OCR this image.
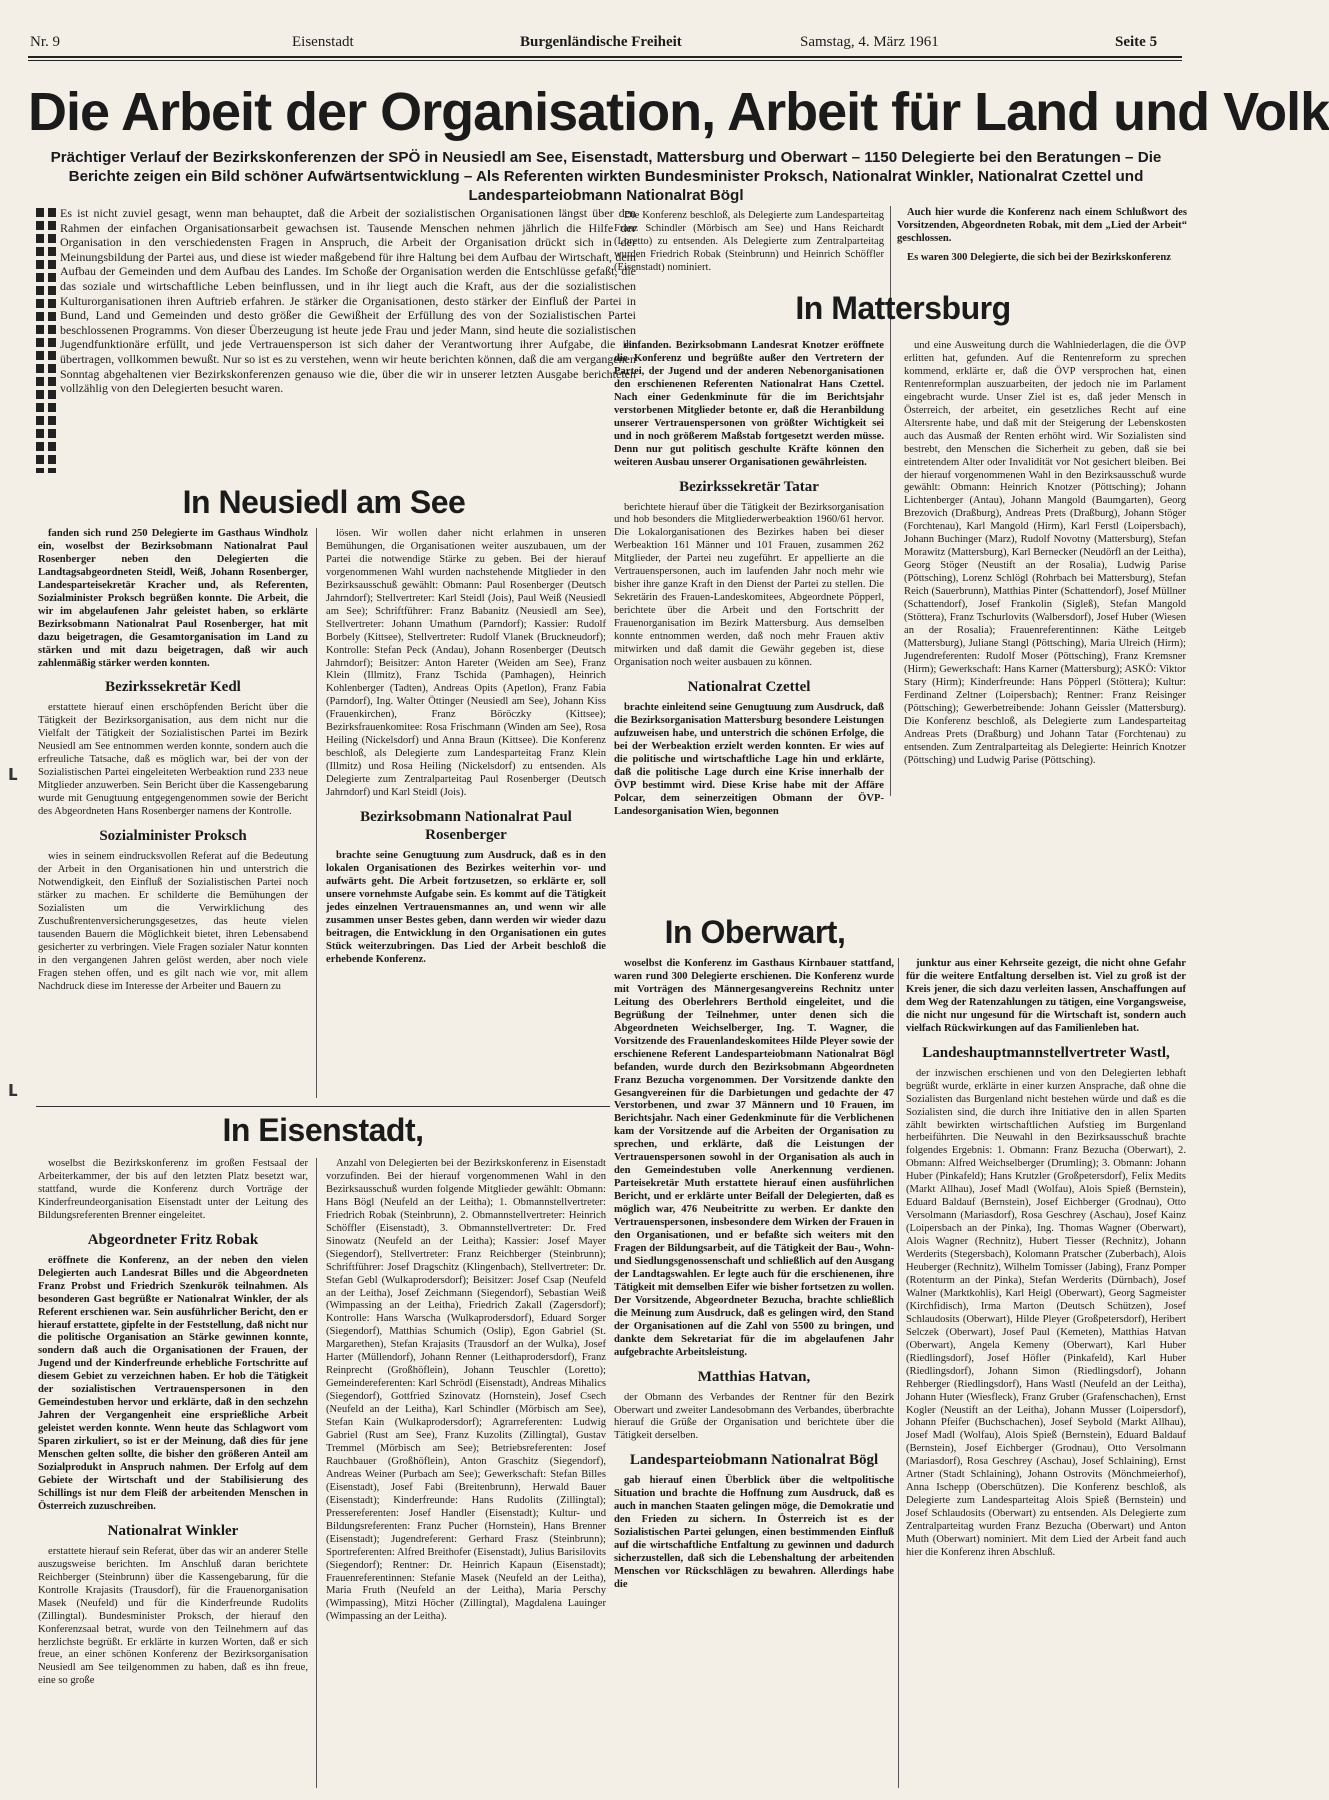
Nr. 9	Eisenstadt	Burgenländische Freiheit	Samstag, 4. März 1961	Seite 5
Die Arbeit der Organisation, Arbeit für Land und Volk
Prächtiger Verlauf der Bezirkskonferenzen der SPÖ in Neusiedl am See, Eisenstadt, Mattersburg und Oberwart – 1150 Delegierte bei den Beratungen – Die Berichte zeigen ein Bild schöner Aufwärtsentwicklung – Als Referenten wirkten Bundesminister Proksch, Nationalrat Winkler, Nationalrat Czettel und Landesparteiobmann Nationalrat Bögl
Es ist nicht zuviel gesagt, wenn man behauptet, daß die Arbeit der sozialistischen Organisationen längst über den Rahmen der einfachen Organisationsarbeit gewachsen ist. Tausende Menschen nehmen jährlich die Hilfe der Organisation in den verschiedensten Fragen in Anspruch, die Arbeit der Organisation drückt sich in der Meinungsbildung der Partei aus, und diese ist wieder maßgebend für ihre Haltung bei dem Aufbau der Wirtschaft, dem Aufbau der Gemeinden und dem Aufbau des Landes. Im Schoße der Organisation werden die Entschlüsse gefaßt, die das soziale und wirtschaftliche Leben beinflussen, und in ihr liegt auch die Kraft, aus der die sozialistischen Kulturorganisationen ihren Auftrieb erfahren. Je stärker die Organisationen, desto stärker der Einfluß der Partei in Bund, Land und Gemeinden und desto größer die Gewißheit der Erfüllung des von der Sozialistischen Partei beschlossenen Programms. Von dieser Überzeugung ist heute jede Frau und jeder Mann, sind heute die sozialistischen Jugendfunktionäre erfüllt, und jede Vertrauensperson ist sich daher der Verantwortung ihrer Aufgabe, die ihr übertragen, vollkommen bewußt. Nur so ist es zu verstehen, wenn wir heute berichten können, daß die am vergangenen Sonntag abgehaltenen vier Bezirkskonferenzen genauso wie die, über die wir in unserer letzten Ausgabe berichteten vollzählig von den Delegierten besucht waren.

Die Konferenz beschloß, als Delegierte zum Landesparteitag Franz Schindler (Mörbisch am See) und Hans Reichardt (Loretto) zu entsenden. Als Delegierte zum Zentralparteitag wurden Friedrich Robak (Steinbrunn) und Heinrich Schöffler (Eisenstadt) nominiert.

Auch hier wurde die Konferenz nach einem Schlußwort des Vorsitzenden, Abgeordneten Robak, mit dem „Lied der Arbeit“ geschlossen.

Es waren 300 Delegierte, die sich bei der Bezirkskonferenz

In Mattersburg

einfanden. Bezirksobmann Landesrat Knotzer eröffnete die Konferenz und begrüßte außer den Vertretern der Partei, der Jugend und der anderen Nebenorganisationen den erschienenen Referenten Nationalrat Hans Czettel. Nach einer Gedenkminute für die im Berichtsjahr verstorbenen Mitglieder betonte er, daß die Heranbildung unserer Vertrauenspersonen von größter Wichtigkeit sei und in noch größerem Maßstab fortgesetzt werden müsse. Denn nur gut politisch geschulte Kräfte können den weiteren Ausbau unserer Organisationen gewährleisten.

Bezirkssekretär Tatar

berichtete hierauf über die Tätigkeit der Bezirksorganisation und hob besonders die Mitgliederwerbeaktion 1960/61 hervor. Die Lokalorganisationen des Bezirkes haben bei dieser Werbeaktion 161 Männer und 101 Frauen, zusammen 262 Mitglieder, der Partei neu zugeführt. Er appellierte an die Vertrauenspersonen, auch im laufenden Jahr noch mehr wie bisher ihre ganze Kraft in den Dienst der Partei zu stellen. Die Sekretärin des Frauen-Landeskomitees, Abgeordnete Pöpperl, berichtete über die Arbeit und den Fortschritt der Frauenorganisation im Bezirk Mattersburg. Aus demselben konnte entnommen werden, daß noch mehr Frauen aktiv mitwirken und daß damit die Gewähr gegeben ist, diese Organisation noch weiter ausbauen zu können.

Nationalrat Czettel

brachte einleitend seine Genugtuung zum Ausdruck, daß die Bezirksorganisation Mattersburg besondere Leistungen aufzuweisen habe, und unterstrich die schönen Erfolge, die bei der Werbeaktion erzielt werden konnten. Er wies auf die politische und wirtschaftliche Lage hin und erklärte, daß die politische Lage durch eine Krise innerhalb der ÖVP bestimmt wird. Diese Krise habe mit der Affäre Polcar, dem seinerzeitigen Obmann der ÖVP-Landesorganisation Wien, begonnen

und eine Ausweitung durch die Wahlniederlagen, die die ÖVP erlitten hat, gefunden. Auf die Rentenreform zu sprechen kommend, erklärte er, daß die ÖVP versprochen hat, einen Rentenreformplan auszuarbeiten, der jedoch nie im Parlament eingebracht wurde. Unser Ziel ist es, daß jeder Mensch in Österreich, der arbeitet, ein gesetzliches Recht auf eine Altersrente habe, und daß mit der Steigerung der Lebenskosten auch das Ausmaß der Renten erhöht wird. Wir Sozialisten sind bestrebt, den Menschen die Sicherheit zu geben, daß sie bei eintretendem Alter oder Invalidität vor Not gesichert bleiben. Bei der hierauf vorgenommenen Wahl in den Bezirksausschuß wurde gewählt: Obmann: Heinrich Knotzer (Pöttsching); Johann Lichtenberger (Antau), Johann Mangold (Baumgarten), Georg Brezovich (Draßburg), Andreas Prets (Draßburg), Johann Stöger (Forchtenau), Karl Mangold (Hirm), Karl Ferstl (Loipersbach), Johann Buchinger (Marz), Rudolf Novotny (Mattersburg), Stefan Morawitz (Mattersburg), Karl Bernecker (Neudörfl an der Leitha), Georg Stöger (Neustift an der Rosalia), Ludwig Parise (Pöttsching), Lorenz Schlögl (Rohrbach bei Mattersburg), Stefan Reich (Sauerbrunn), Matthias Pinter (Schattendorf), Josef Müllner (Schattendorf), Josef Frankolin (Sigleß), Stefan Mangold (Stöttera), Franz Tschurlovits (Walbersdorf), Josef Huber (Wiesen an der Rosalia); Frauenreferentinnen: Käthe Leitgeb (Mattersburg), Juliane Stangl (Pöttsching), Maria Ulreich (Hirm); Jugendreferenten: Rudolf Moser (Pöttsching), Franz Kremsner (Hirm); Gewerkschaft: Hans Karner (Mattersburg); ASKÖ: Viktor Stary (Hirm); Kinderfreunde: Hans Pöpperl (Stöttera); Kultur: Ferdinand Zeltner (Loipersbach); Rentner: Franz Reisinger (Pöttsching); Gewerbetreibende: Johann Geissler (Mattersburg). Die Konferenz beschloß, als Delegierte zum Landesparteitag Andreas Prets (Draßburg) und Johann Tatar (Forchtenau) zu entsenden. Zum Zentralparteitag als Delegierte: Heinrich Knotzer (Pöttsching) und Ludwig Parise (Pöttsching).

In Neusiedl am See

fanden sich rund 250 Delegierte im Gasthaus Windholz ein, woselbst der Bezirksobmann Nationalrat Paul Rosenberger neben den Delegierten die Landtagsabgeordneten Steidl, Weiß, Johann Rosenberger, Landesparteisekretär Kracher und, als Referenten, Sozialminister Proksch begrüßen konnte. Die Arbeit, die wir im abgelaufenen Jahr geleistet haben, so erklärte Bezirksobmann Nationalrat Paul Rosenberger, hat mit dazu beigetragen, die Gesamtorganisation im Land zu stärken und mit dazu beigetragen, daß wir auch zahlenmäßig stärker werden konnten.

Bezirkssekretär Kedl

erstattete hierauf einen erschöpfenden Bericht über die Tätigkeit der Bezirksorganisation, aus dem nicht nur die Vielfalt der Tätigkeit der Sozialistischen Partei im Bezirk Neusiedl am See entnommen werden konnte, sondern auch die erfreuliche Tatsache, daß es möglich war, bei der von der Sozialistischen Partei eingeleiteten Werbeaktion rund 233 neue Mitglieder anzuwerben. Sein Bericht über die Kassengebarung wurde mit Genugtuung entgegengenommen sowie der Bericht des Abgeordneten Hans Rosenberger namens der Kontrolle.

Sozialminister Proksch

wies in seinem eindrucksvollen Referat auf die Bedeutung der Arbeit in den Organisationen hin und unterstrich die Notwendigkeit, den Einfluß der Sozialistischen Partei noch stärker zu machen. Er schilderte die Bemühungen der Sozialisten um die Verwirklichung des Zuschußrentenversicherungsgesetzes, das heute vielen tausenden Bauern die Möglichkeit bietet, ihren Lebensabend gesicherter zu verbringen. Viele Fragen sozialer Natur konnten in den vergangenen Jahren gelöst werden, aber noch viele Fragen stehen offen, und es gilt nach wie vor, mit allem Nachdruck diese im Interesse der Arbeiter und Bauern zu

lösen. Wir wollen daher nicht erlahmen in unseren Bemühungen, die Organisationen weiter auszubauen, um der Partei die notwendige Stärke zu geben. Bei der hierauf vorgenommenen Wahl wurden nachstehende Mitglieder in den Bezirksausschuß gewählt: Obmann: Paul Rosenberger (Deutsch Jahrndorf); Stellvertreter: Karl Steidl (Jois), Paul Weiß (Neusiedl am See); Schriftführer: Franz Babanitz (Neusiedl am See), Stellvertreter: Johann Umathum (Parndorf); Kassier: Rudolf Borbely (Kittsee), Stellvertreter: Rudolf Vlanek (Bruckneudorf); Kontrolle: Stefan Peck (Andau), Johann Rosenberger (Deutsch Jahrndorf); Beisitzer: Anton Hareter (Weiden am See), Franz Klein (Illmitz), Franz Tschida (Pamhagen), Heinrich Kohlenberger (Tadten), Andreas Opits (Apetlon), Franz Fabia (Parndorf), Ing. Walter Öttinger (Neusiedl am See), Johann Kiss (Frauenkirchen), Franz Böröczky (Kittsee); Bezirksfrauenkomitee: Rosa Frischmann (Winden am See), Rosa Heiling (Nickelsdorf) und Anna Braun (Kittsee). Die Konferenz beschloß, als Delegierte zum Landesparteitag Franz Klein (Illmitz) und Rosa Heiling (Nickelsdorf) zu entsenden. Als Delegierte zum Zentralparteitag Paul Rosenberger (Deutsch Jahrndorf) und Karl Steidl (Jois).

Bezirksobmann Nationalrat Paul Rosenberger

brachte seine Genugtuung zum Ausdruck, daß es in den lokalen Organisationen des Bezirkes weiterhin vor- und aufwärts geht. Die Arbeit fortzusetzen, so erklärte er, soll unsere vornehmste Aufgabe sein. Es kommt auf die Tätigkeit jedes einzelnen Vertrauensmannes an, und wenn wir alle zusammen unser Bestes geben, dann werden wir wieder dazu beitragen, die Entwicklung in den Organisationen ein gutes Stück weiterzubringen. Das Lied der Arbeit beschloß die erhebende Konferenz.

In Oberwart,
In Eisenstadt,

woselbst die Bezirkskonferenz im großen Festsaal der Arbeiterkammer, der bis auf den letzten Platz besetzt war, stattfand, wurde die Konferenz durch Vorträge der Kinderfreundeorganisation Eisenstadt unter der Leitung des Bildungsreferenten Brenner eingeleitet.

Abgeordneter Fritz Robak

eröffnete die Konferenz, an der neben den vielen Delegierten auch Landesrat Billes und die Abgeordneten Franz Probst und Friedrich Szenkurök teilnahmen. Als besonderen Gast begrüßte er Nationalrat Winkler, der als Referent erschienen war. Sein ausführlicher Bericht, den er hierauf erstattete, gipfelte in der Feststellung, daß nicht nur die politische Organisation an Stärke gewinnen konnte, sondern daß auch die Organisationen der Frauen, der Jugend und der Kinderfreunde erhebliche Fortschritte auf diesem Gebiet zu verzeichnen haben. Er hob die Tätigkeit der sozialistischen Vertrauenspersonen in den Gemeindestuben hervor und erklärte, daß in den sechzehn Jahren der Vergangenheit eine ersprießliche Arbeit geleistet werden konnte. Wenn heute das Schlagwort vom Sparen zirkuliert, so ist er der Meinung, daß dies für jene Menschen gelten sollte, die bisher den größeren Anteil am Sozialprodukt in Anspruch nahmen. Der Erfolg auf dem Gebiete der Wirtschaft und der Stabilisierung des Schillings ist nur dem Fleiß der arbeitenden Menschen in Österreich zuzuschreiben.

Nationalrat Winkler

erstattete hierauf sein Referat, über das wir an anderer Stelle auszugsweise berichten. Im Anschluß daran berichtete Reichberger (Steinbrunn) über die Kassengebarung, für die Kontrolle Krajasits (Trausdorf), für die Frauenorganisation Masek (Neufeld) und für die Kinderfreunde Rudolits (Zillingtal). Bundesminister Proksch, der hierauf den Konferenzsaal betrat, wurde von den Teilnehmern auf das herzlichste begrüßt. Er erklärte in kurzen Worten, daß er sich freue, an einer schönen Konferenz der Bezirksorganisation Neusiedl am See teilgenommen zu haben, daß es ihn freue, eine so große

Anzahl von Delegierten bei der Bezirkskonferenz in Eisenstadt vorzufinden. Bei der hierauf vorgenommenen Wahl in den Bezirksausschuß wurden folgende Mitglieder gewählt: Obmann: Hans Bögl (Neufeld an der Leitha); 1. Obmannstellvertreter: Friedrich Robak (Steinbrunn), 2. Obmannstellvertreter: Heinrich Schöffler (Eisenstadt), 3. Obmannstellvertreter: Dr. Fred Sinowatz (Neufeld an der Leitha); Kassier: Josef Mayer (Siegendorf), Stellvertreter: Franz Reichberger (Steinbrunn); Schriftführer: Josef Dragschitz (Klingenbach), Stellvertreter: Dr. Stefan Gebl (Wulkaprodersdorf); Beisitzer: Josef Csap (Neufeld an der Leitha), Josef Zeichmann (Siegendorf), Sebastian Weiß (Wimpassing an der Leitha), Friedrich Zakall (Zagersdorf); Kontrolle: Hans Warscha (Wulkaprodersdorf), Eduard Sorger (Siegendorf), Matthias Schumich (Oslip), Egon Gabriel (St. Margarethen), Stefan Krajasits (Trausdorf an der Wulka), Josef Harter (Müllendorf), Johann Renner (Leithaprodersdorf), Franz Reinprecht (Großhöflein), Johann Teuschler (Loretto); Gemeindereferenten: Karl Schrödl (Eisenstadt), Andreas Mihalics (Siegendorf), Gottfried Szinovatz (Hornstein), Josef Csech (Neufeld an der Leitha), Karl Schindler (Mörbisch am See), Stefan Kain (Wulkaprodersdorf); Agrarreferenten: Ludwig Gabriel (Rust am See), Franz Kuzolits (Zillingtal), Gustav Tremmel (Mörbisch am See); Betriebsreferenten: Josef Rauchbauer (Großhöflein), Anton Graschitz (Siegendorf), Andreas Weiner (Purbach am See); Gewerkschaft: Stefan Billes (Eisenstadt), Josef Fabi (Breitenbrunn), Herwald Bauer (Eisenstadt); Kinderfreunde: Hans Rudolits (Zillingtal); Pressereferenten: Josef Handler (Eisenstadt); Kultur- und Bildungsreferenten: Franz Pucher (Hornstein), Hans Brenner (Eisenstadt); Jugendreferent: Gerhard Frasz (Steinbrunn); Sportreferenten: Alfred Breithofer (Eisenstadt), Julius Barisilovits (Siegendorf); Rentner: Dr. Heinrich Kapaun (Eisenstadt); Frauenreferentinnen: Stefanie Masek (Neufeld an der Leitha), Maria Fruth (Neufeld an der Leitha), Maria Perschy (Wimpassing), Mitzi Höcher (Zillingtal), Magdalena Lauinger (Wimpassing an der Leitha).

woselbst die Konferenz im Gasthaus Kirnbauer stattfand, waren rund 300 Delegierte erschienen. Die Konferenz wurde mit Vorträgen des Männergesangvereins Rechnitz unter Leitung des Oberlehrers Berthold eingeleitet, und die Begrüßung der Teilnehmer, unter denen sich die Abgeordneten Weichselberger, Ing. T. Wagner, die Vorsitzende des Frauenlandeskomitees Hilde Pleyer sowie der erschienene Referent Landesparteiobmann Nationalrat Bögl befanden, wurde durch den Bezirksobmann Abgeordneten Franz Bezucha vorgenommen. Der Vorsitzende dankte den Gesangvereinen für die Darbietungen und gedachte der 47 Verstorbenen, und zwar 37 Männern und 10 Frauen, im Berichtsjahr. Nach einer Gedenkminute für die Verblichenen kam der Vorsitzende auf die Arbeiten der Organisation zu sprechen, und erklärte, daß die Leistungen der Vertrauenspersonen sowohl in der Organisation als auch in den Gemeindestuben volle Anerkennung verdienen. Parteisekretär Muth erstattete hierauf einen ausführlichen Bericht, und er erklärte unter Beifall der Delegierten, daß es möglich war, 476 Neubeitritte zu werben. Er dankte den Vertrauenspersonen, insbesondere dem Wirken der Frauen in den Organisationen, und er befaßte sich weiters mit den Fragen der Bildungsarbeit, auf die Tätigkeit der Bau-, Wohn- und Siedlungsgenossenschaft und schließlich auf den Ausgang der Landtagswahlen. Er legte auch für die erschienenen, ihre Tätigkeit mit demselben Eifer wie bisher fortsetzen zu wollen. Der Vorsitzende, Abgeordneter Bezucha, brachte schließlich die Meinung zum Ausdruck, daß es gelingen wird, den Stand der Organisationen auf die Zahl von 5500 zu bringen, und dankte dem Sekretariat für die im abgelaufenen Jahr aufgebrachte Arbeitsleistung.

Matthias Hatvan,

der Obmann des Verbandes der Rentner für den Bezirk Oberwart und zweiter Landesobmann des Verbandes, überbrachte hierauf die Grüße der Organisation und berichtete über die Tätigkeit derselben.

Landesparteiobmann Nationalrat Bögl

gab hierauf einen Überblick über die weltpolitische Situation und brachte die Hoffnung zum Ausdruck, daß es auch in manchen Staaten gelingen möge, die Demokratie und den Frieden zu sichern. In Österreich ist es der Sozialistischen Partei gelungen, einen bestimmenden Einfluß auf die wirtschaftliche Entfaltung zu gewinnen und dadurch sicherzustellen, daß sich die Lebenshaltung der arbeitenden Menschen vor Rückschlägen zu bewahren. Allerdings habe die

junktur aus einer Kehrseite gezeigt, die nicht ohne Gefahr für die weitere Entfaltung derselben ist. Viel zu groß ist der Kreis jener, die sich dazu verleiten lassen, Anschaffungen auf dem Weg der Ratenzahlungen zu tätigen, eine Vorgangsweise, die nicht nur ungesund für die Wirtschaft ist, sondern auch vielfach Rückwirkungen auf das Familienleben hat.

Landeshauptmannstellvertreter Wastl,

der inzwischen erschienen und von den Delegierten lebhaft begrüßt wurde, erklärte in einer kurzen Ansprache, daß ohne die Sozialisten das Burgenland nicht bestehen würde und daß es die Sozialisten sind, die durch ihre Initiative den in allen Sparten zählt bewirkten wirtschaftlichen Aufstieg im Burgenland herbeiführten. Die Neuwahl in den Bezirksausschuß brachte folgendes Ergebnis: 1. Obmann: Franz Bezucha (Oberwart), 2. Obmann: Alfred Weichselberger (Drumling); 3. Obmann: Johann Huber (Pinkafeld); Hans Krutzler (Großpetersdorf), Felix Medits (Markt Allhau), Josef Madl (Wolfau), Alois Spieß (Bernstein), Eduard Baldauf (Bernstein), Josef Eichberger (Grodnau), Otto Versolmann (Mariasdorf), Rosa Geschrey (Aschau), Josef Kainz (Loipersbach an der Pinka), Ing. Thomas Wagner (Oberwart), Alois Wagner (Rechnitz), Hubert Tiesser (Rechnitz), Johann Werderits (Stegersbach), Kolomann Pratscher (Zuberbach), Alois Heuberger (Rechnitz), Wilhelm Tomisser (Jabing), Franz Pomper (Rotenturm an der Pinka), Stefan Werderits (Dürnbach), Josef Walner (Marktkohlis), Karl Heigl (Oberwart), Georg Sagmeister (Kirchfidisch), Irma Marton (Deutsch Schützen), Josef Schlaudosits (Oberwart), Hilde Pleyer (Großpetersdorf), Heribert Selczek (Oberwart), Josef Paul (Kemeten), Matthias Hatvan (Oberwart), Angela Kemeny (Oberwart), Karl Huber (Riedlingsdorf), Josef Höfler (Pinkafeld), Karl Huber (Riedlingsdorf), Johann Simon (Riedlingsdorf), Johann Rehberger (Riedlingsdorf), Hans Wastl (Neufeld an der Leitha), Johann Huter (Wiesfleck), Franz Gruber (Grafenschachen), Ernst Kogler (Neustift an der Leitha), Johann Musser (Loipersdorf), Johann Pfeifer (Buchschachen), Josef Seybold (Markt Allhau), Josef Madl (Wolfau), Alois Spieß (Bernstein), Eduard Baldauf (Bernstein), Josef Eichberger (Grodnau), Otto Versolmann (Mariasdorf), Rosa Geschrey (Aschau), Josef Schlaining), Ernst Artner (Stadt Schlaining), Johann Ostrovits (Mönchmeierhof), Anna Ischepp (Oberschützen). Die Konferenz beschloß, als Delegierte zum Landesparteitag Alois Spieß (Bernstein) und Josef Schlaudosits (Oberwart) zu entsenden. Als Delegierte zum Zentralparteitag wurden Franz Bezucha (Oberwart) und Anton Muth (Oberwart) nominiert. Mit dem Lied der Arbeit fand auch hier die Konferenz ihren Abschluß.

ʟ
ʟ
